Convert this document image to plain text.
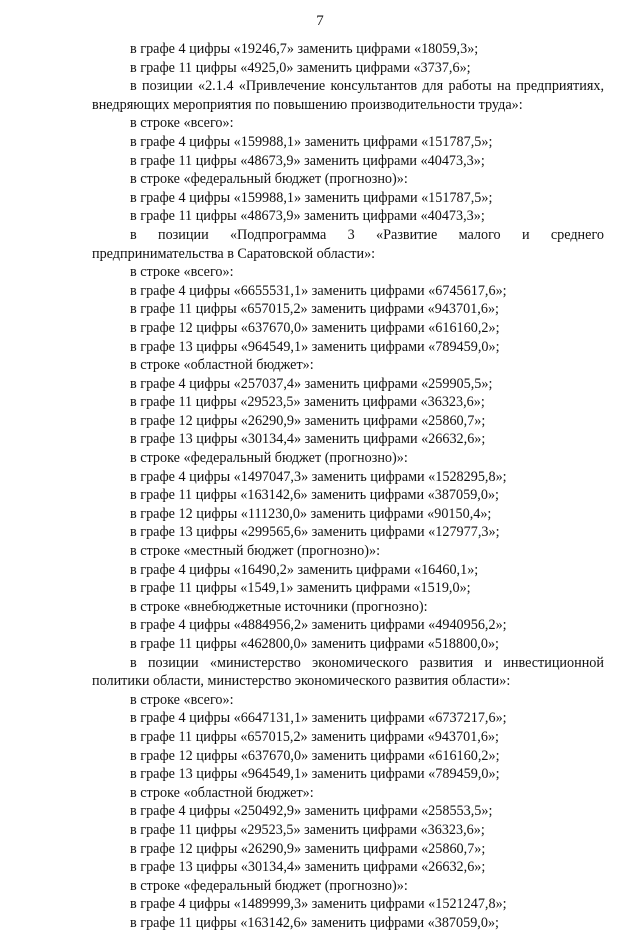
7
в графе 4 цифры «19246,7» заменить цифрами «18059,3»;
в графе 11 цифры «4925,0» заменить цифрами «3737,6»;
в позиции «2.1.4 «Привлечение консультантов для работы на предприятиях,
внедряющих мероприятия по повышению производительности труда»:
в строке «всего»:
в графе 4 цифры «159988,1» заменить цифрами «151787,5»;
в графе 11 цифры «48673,9» заменить цифрами «40473,3»;
в строке «федеральный бюджет (прогнозно)»:
в графе 4 цифры «159988,1» заменить цифрами «151787,5»;
в графе 11 цифры «48673,9» заменить цифрами «40473,3»;
в позиции «Подпрограмма 3 «Развитие малого и среднего
предпринимательства в Саратовской области»:
в строке «всего»:
в графе 4 цифры «6655531,1» заменить цифрами «6745617,6»;
в графе 11 цифры «657015,2» заменить цифрами «943701,6»;
в графе 12 цифры «637670,0» заменить цифрами «616160,2»;
в графе 13 цифры «964549,1» заменить цифрами «789459,0»;
в строке «областной бюджет»:
в графе 4 цифры «257037,4» заменить цифрами «259905,5»;
в графе 11 цифры «29523,5» заменить цифрами «36323,6»;
в графе 12 цифры «26290,9» заменить цифрами «25860,7»;
в графе 13 цифры «30134,4» заменить цифрами «26632,6»;
в строке «федеральный бюджет (прогнозно)»:
в графе 4 цифры «1497047,3» заменить цифрами «1528295,8»;
в графе 11 цифры «163142,6» заменить цифрами «387059,0»;
в графе 12 цифры «111230,0» заменить цифрами «90150,4»;
в графе 13 цифры «299565,6» заменить цифрами «127977,3»;
в строке «местный бюджет (прогнозно)»:
в графе 4 цифры «16490,2» заменить цифрами «16460,1»;
в графе 11 цифры «1549,1» заменить цифрами «1519,0»;
в строке «внебюджетные источники (прогнозно):
в графе 4 цифры «4884956,2» заменить цифрами «4940956,2»;
в графе 11 цифры «462800,0» заменить цифрами «518800,0»;
в позиции «министерство экономического развития и инвестиционной
политики области, министерство экономического развития области»:
в строке «всего»:
в графе 4 цифры «6647131,1» заменить цифрами «6737217,6»;
в графе 11 цифры «657015,2» заменить цифрами «943701,6»;
в графе 12 цифры «637670,0» заменить цифрами «616160,2»;
в графе 13 цифры «964549,1» заменить цифрами «789459,0»;
в строке «областной бюджет»:
в графе 4 цифры «250492,9» заменить цифрами «258553,5»;
в графе 11 цифры «29523,5» заменить цифрами «36323,6»;
в графе 12 цифры «26290,9» заменить цифрами «25860,7»;
в графе 13 цифры «30134,4» заменить цифрами «26632,6»;
в строке «федеральный бюджет (прогнозно)»:
в графе 4 цифры «1489999,3» заменить цифрами «1521247,8»;
в графе 11 цифры «163142,6» заменить цифрами «387059,0»;
